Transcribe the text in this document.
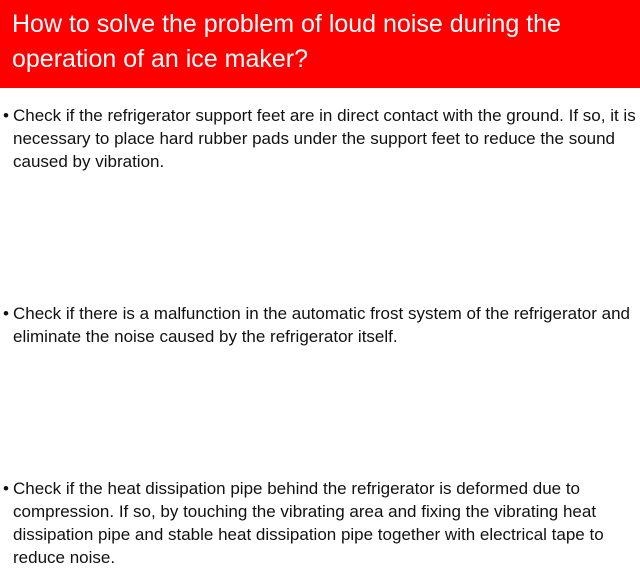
How to solve the problem of loud noise during the operation of an ice maker?
• Check if the refrigerator support feet are in direct contact with the ground. If so, it is necessary to place hard rubber pads under the support feet to reduce the sound caused by vibration.
• Check if there is a malfunction in the automatic frost system of the refrigerator and eliminate the noise caused by the refrigerator itself.
• Check if the heat dissipation pipe behind the refrigerator is deformed due to compression. If so, by touching the vibrating area and fixing the vibrating heat dissipation pipe and stable heat dissipation pipe together with electrical tape to reduce noise.
